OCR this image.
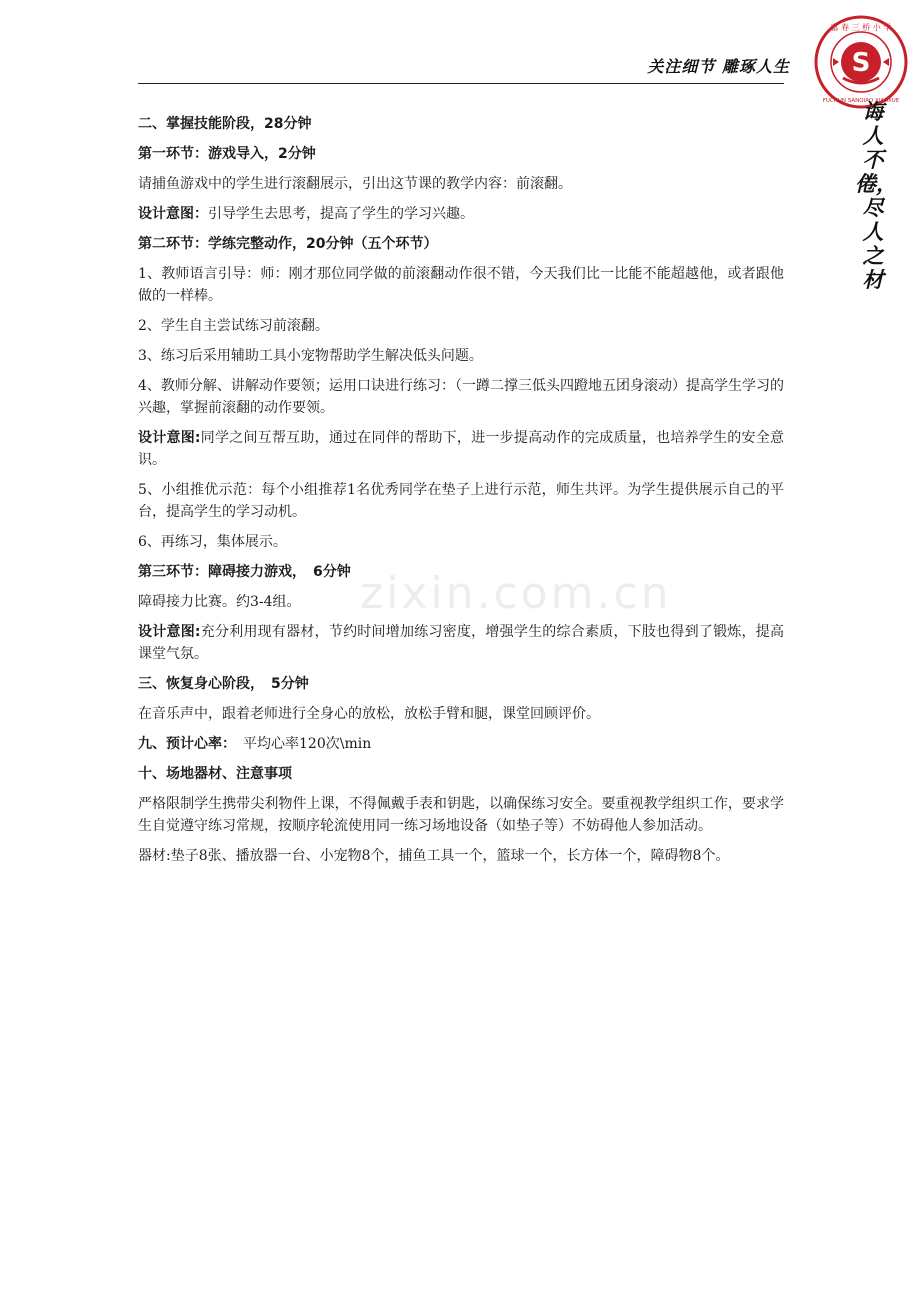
关注细节 雕琢人生
富 春 三 桥 小 学
FUCHUN SANQIAO XIAOXUE
S
诲人不倦，尽人之材
zixin.com.cn

二、掌握技能阶段，28分钟

第一环节：游戏导入，2分钟

请捕鱼游戏中的学生进行滚翻展示，引出这节课的教学内容：前滚翻。

设计意图：引导学生去思考，提高了学生的学习兴趣。

第二环节：学练完整动作，20分钟（五个环节）

1、教师语言引导：师：刚才那位同学做的前滚翻动作很不错，今天我们比一比能不能超越他，或者跟他做的一样棒。

2、学生自主尝试练习前滚翻。

3、练习后采用辅助工具小宠物帮助学生解决低头问题。

4、教师分解、讲解动作要领；运用口诀进行练习：（一蹲二撑三低头四蹬地五团身滚动）提高学生学习的兴趣，掌握前滚翻的动作要领。

设计意图:同学之间互帮互助，通过在同伴的帮助下，进一步提高动作的完成质量，也培养学生的安全意识。

5、小组推优示范：每个小组推荐1名优秀同学在垫子上进行示范，师生共评。为学生提供展示自己的平台，提高学生的学习动机。

6、再练习，集体展示。

第三环节：障碍接力游戏，　6分钟

障碍接力比赛。约3-4组。

设计意图:充分利用现有器材，节约时间增加练习密度，增强学生的综合素质，下肢也得到了锻炼，提高课堂气氛。

三、恢复身心阶段，　5分钟

在音乐声中，跟着老师进行全身心的放松，放松手臂和腿，课堂回顾评价。

九、预计心率：　平均心率120次\min

十、场地器材、注意事项

严格限制学生携带尖利物件上课，不得佩戴手表和钥匙，以确保练习安全。要重视教学组织工作，要求学生自觉遵守练习常规，按顺序轮流使用同一练习场地设备（如垫子等）不妨碍他人参加活动。

器材:垫子8张、播放器一台、小宠物8个，捕鱼工具一个，篮球一个，长方体一个，障碍物8个。
